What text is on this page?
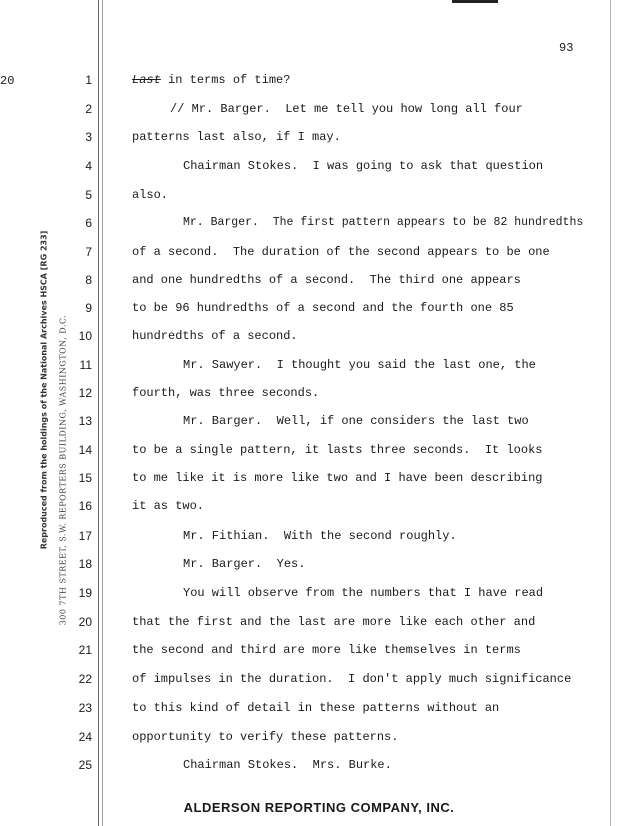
93
20
Reproduced from the holdings of the National Archives HSCA [RG 233] 300 7TH STREET, S.W. REPORTERS BUILDING, WASHINGTON, D.C.
1
2
3
4
5
6
7
8
9
10
11
12
13
14
15
16
17
18
19
20
21
22
23
24
25
Last in terms of time?
// Mr. Barger.  Let me tell you how long all four
patterns last also, if I may.
Chairman Stokes.  I was going to ask that question
also.
Mr. Barger.  The first pattern appears to be 82 hundredths
of a second.  The duration of the second appears to be one
and one hundredths of a second.  The third one appears
to be 96 hundredths of a second and the fourth one 85
hundredths of a second.
Mr. Sawyer.  I thought you said the last one, the
fourth, was three seconds.
Mr. Barger.  Well, if one considers the last two
to be a single pattern, it lasts three seconds.  It looks
to me like it is more like two and I have been describing
it as two.
Mr. Fithian.  With the second roughly.
Mr. Barger.  Yes.
You will observe from the numbers that I have read
that the first and the last are more like each other and
the second and third are more like themselves in terms
of impulses in the duration.  I don't apply much significance
to this kind of detail in these patterns without an
opportunity to verify these patterns.
Chairman Stokes.  Mrs. Burke.
ALDERSON REPORTING COMPANY, INC.
